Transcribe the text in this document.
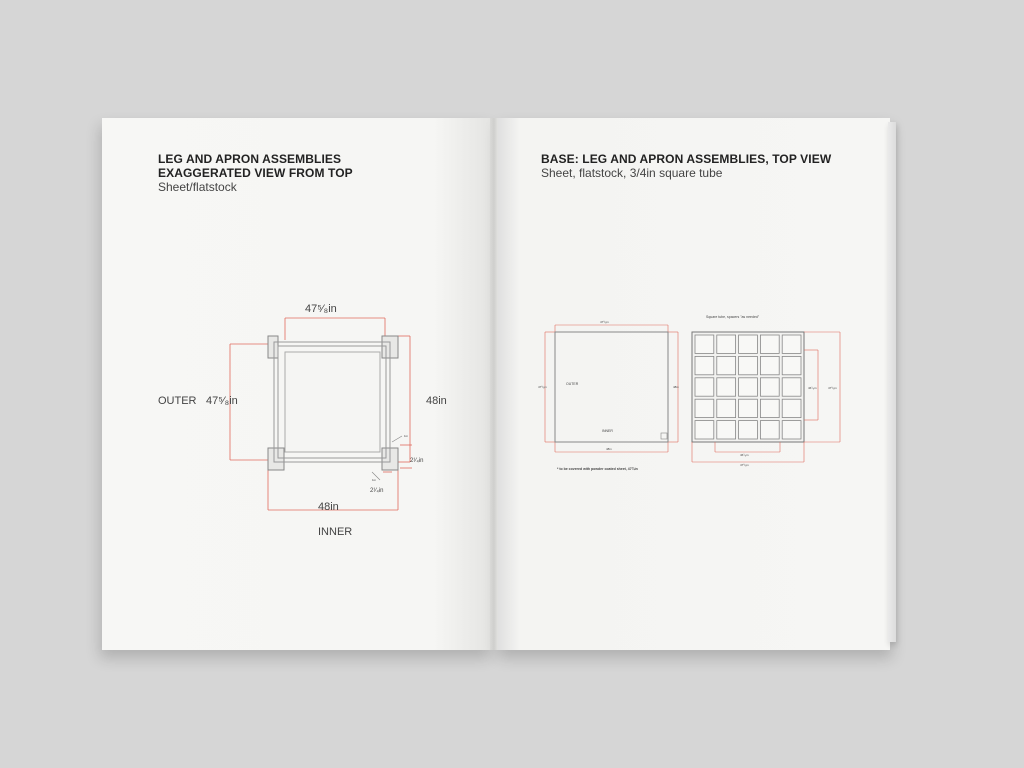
LEG AND APRON ASSEMBLIES
EXAGGERATED VIEW FROM TOP
Sheet/flatstock
BASE: LEG AND APRON ASSEMBLIES, TOP VIEW
Sheet, flatstock, 3/4in square tube
47⁵⁄₈in
OUTER 47⁵⁄₈in	48in
48in
INNER
2¹⁄₄in
2¹⁄₄in
1in
1in
47⁵⁄₈in
47⁵⁄₈in	48in
48in
OUTER
INNER
Square tube, spacers "as needed"
46⁷⁄₈in	47⁵⁄₈in
46⁷⁄₈in
47⁵⁄₈in
* to be covered with powder coated sheet, 47¾in
